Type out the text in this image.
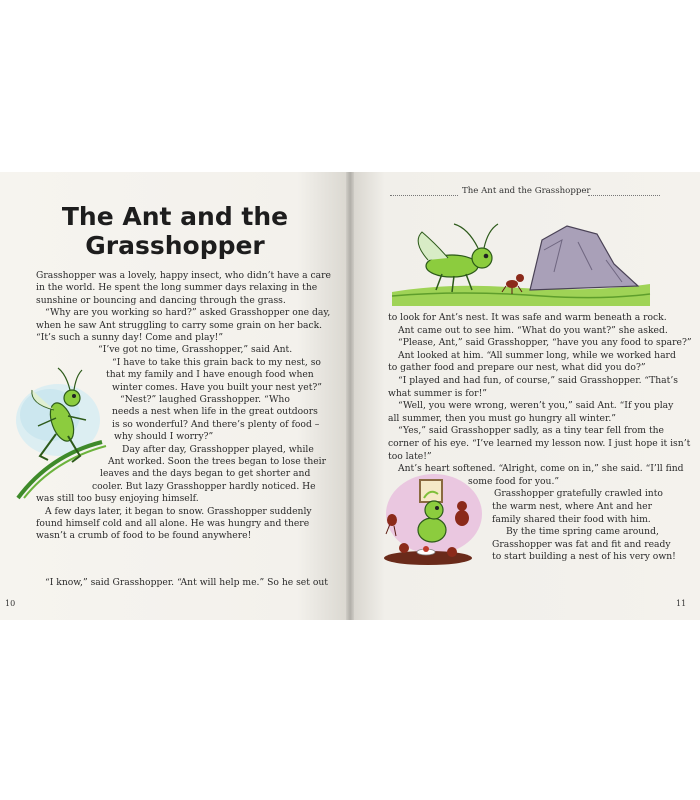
The Ant and the
Grasshopper
Grasshopper was a lovely, happy insect, who didn’t have a care
in the world. He spent the long summer days relaxing in the
sunshine or bouncing and dancing through the grass.
“Why are you working so hard?” asked Grasshopper one day,
when he saw Ant struggling to carry some grain on her back.
“It’s such a sunny day! Come and play!”
“I’ve got no time, Grasshopper,” said Ant.
“I have to take this grain back to my nest, so
that my family and I have enough food when
winter comes. Have you built your nest yet?”
“Nest?” laughed Grasshopper. “Who
needs a nest when life in the great outdoors
is so wonderful? And there’s plenty of food –
why should I worry?”
Day after day, Grasshopper played, while
Ant worked. Soon the trees began to lose their
leaves and the days began to get shorter and
cooler. But lazy Grasshopper hardly noticed. He
was still too busy enjoying himself.
A few days later, it began to snow. Grasshopper suddenly
found himself cold and all alone. He was hungry and there
wasn’t a crumb of food to be found anywhere!
“I know,” said Grasshopper. “Ant will help me.” So he set out
10
The Ant and the Grasshopper
to look for Ant’s nest. It was safe and warm beneath a rock.
Ant came out to see him. “What do you want?” she asked.
“Please, Ant,” said Grasshopper, “have you any food to spare?”
Ant looked at him. “All summer long, while we worked hard
to gather food and prepare our nest, what did you do?”
“I played and had fun, of course,” said Grasshopper. “That’s
what summer is for!”
“Well, you were wrong, weren’t you,” said Ant. “If you play
all summer, then you must go hungry all winter.”
“Yes,” said Grasshopper sadly, as a tiny tear fell from the
corner of his eye. “I’ve learned my lesson now. I just hope it isn’t
too late!”
Ant’s heart softened. “Alright, come on in,” she said. “I’ll find
some food for you.”
Grasshopper gratefully crawled into
the warm nest, where Ant and her
family shared their food with him.
By the time spring came around,
Grasshopper was fat and fit and ready
to start building a nest of his very own!
11
